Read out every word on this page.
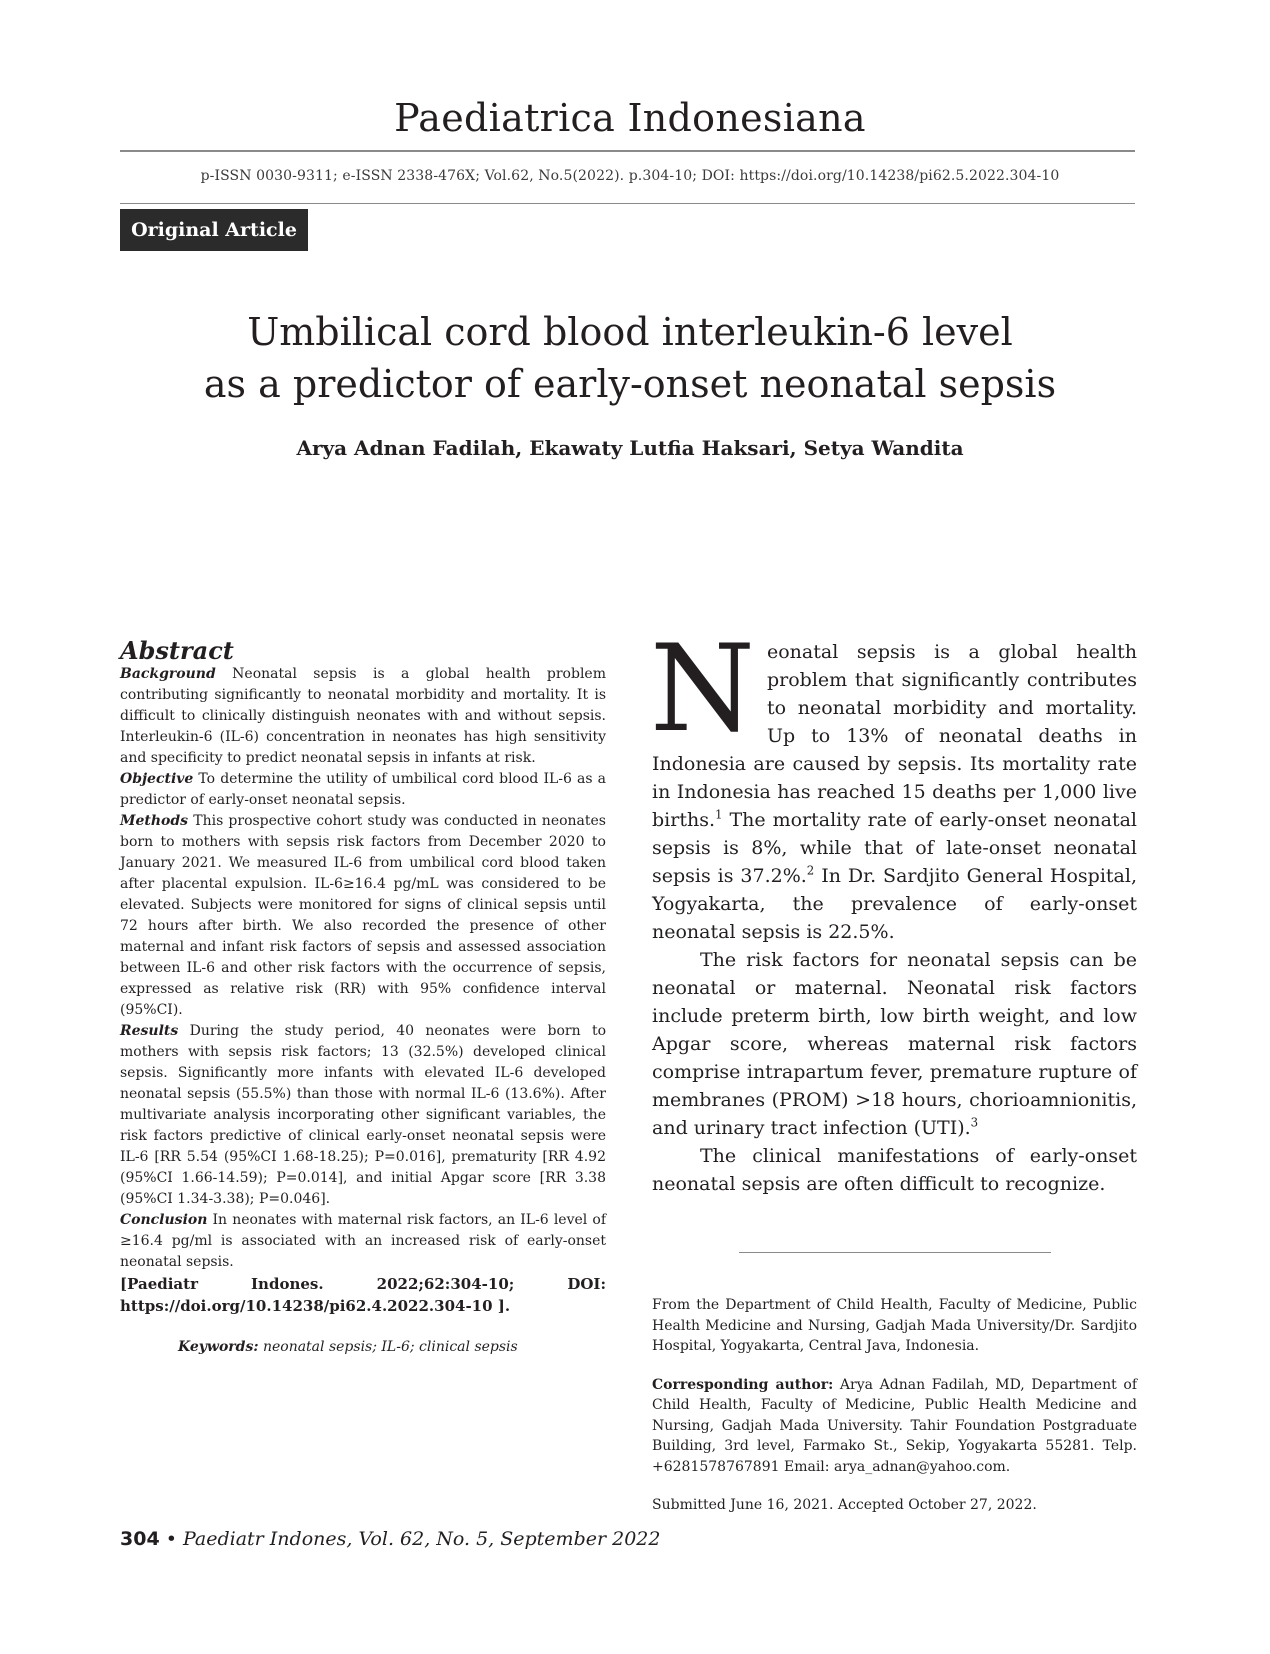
Paediatrica Indonesiana
p-ISSN 0030-9311; e-ISSN 2338-476X; Vol.62, No.5(2022). p.304-10; DOI: https://doi.org/10.14238/pi62.5.2022.304-10
Original Article
Umbilical cord blood interleukin-6 level
as a predictor of early-onset neonatal sepsis
Arya Adnan Fadilah, Ekawaty Lutfia Haksari, Setya Wandita
Abstract

Background Neonatal sepsis is a global health problem contributing significantly to neonatal morbidity and mortality. It is difficult to clinically distinguish neonates with and without sepsis. Interleukin-6 (IL-6) concentration in neonates has high sensitivity and specificity to predict neonatal sepsis in infants at risk.

Objective To determine the utility of umbilical cord blood IL-6 as a predictor of early-onset neonatal sepsis.

Methods This prospective cohort study was conducted in neonates born to mothers with sepsis risk factors from December 2020 to January 2021. We measured IL-6 from umbilical cord blood taken after placental expulsion. IL-6≥16.4 pg/mL was considered to be elevated. Subjects were monitored for signs of clinical sepsis until 72 hours after birth. We also recorded the presence of other maternal and infant risk factors of sepsis and assessed association between IL-6 and other risk factors with the occurrence of sepsis, expressed as relative risk (RR) with 95% confidence interval (95%CI).

Results During the study period, 40 neonates were born to mothers with sepsis risk factors; 13 (32.5%) developed clinical sepsis. Significantly more infants with elevated IL-6 developed neonatal sepsis (55.5%) than those with normal IL-6 (13.6%). After multivariate analysis incorporating other significant variables, the risk factors predictive of clinical early-onset neonatal sepsis were IL-6 [RR 5.54 (95%CI 1.68-18.25); P=0.016], prematurity [RR 4.92 (95%CI 1.66-14.59); P=0.014], and initial Apgar score [RR 3.38 (95%CI 1.34-3.38); P=0.046].

Conclusion In neonates with maternal risk factors, an IL-6 level of ≥16.4 pg/ml is associated with an increased risk of early-onset neonatal sepsis.

[Paediatr Indones. 2022;62:304-10; DOI: https://doi.org/10.14238/pi62.4.2022.304-10 ].

Keywords: neonatal sepsis; IL-6; clinical sepsis

Neonatal sepsis is a global health problem that significantly contributes to neonatal morbidity and mortality. Up to 13% of neonatal deaths in Indonesia are caused by sepsis. Its mortality rate in Indonesia has reached 15 deaths per 1,000 live births.$^1$ The mortality rate of early-onset neonatal sepsis is 8%, while that of late-onset neonatal sepsis is 37.2%.$^2$ In Dr. Sardjito General Hospital, Yogyakarta, the prevalence of early-onset neonatal sepsis is 22.5%.

The risk factors for neonatal sepsis can be neonatal or maternal. Neonatal risk factors include preterm birth, low birth weight, and low Apgar score, whereas maternal risk factors comprise intrapartum fever, premature rupture of membranes (PROM) >18 hours, chorioamnionitis, and urinary tract infection (UTI).$^3$

The clinical manifestations of early-onset neonatal sepsis are often difficult to recognize.

From the Department of Child Health, Faculty of Medicine, Public Health Medicine and Nursing, Gadjah Mada University/Dr. Sardjito Hospital, Yogyakarta, Central Java, Indonesia.

Corresponding author: Arya Adnan Fadilah, MD, Department of Child Health, Faculty of Medicine, Public Health Medicine and Nursing, Gadjah Mada University. Tahir Foundation Postgraduate Building, 3rd level, Farmako St., Sekip, Yogyakarta 55281. Telp. +6281578767891 Email: arya_adnan@yahoo.com.

Submitted June 16, 2021. Accepted October 27, 2022.

304 • Paediatr Indones, Vol. 62, No. 5, September 2022
